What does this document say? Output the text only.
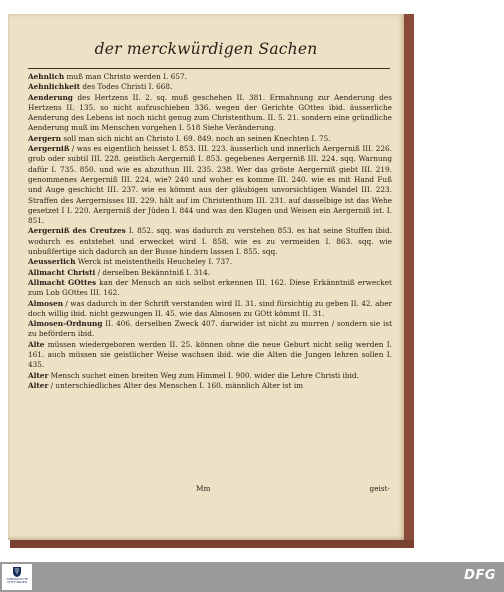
der merckwürdigen Sachen

Aehnlich muß man Christo werden I. 657.

Aehnlichkeit des Todes Christi I. 668.

Aenderung des Hertzens II. 2. sq. muß geschehen II. 381. Ermahnung zur Aenderung des Hertzens II. 135. so nicht aufzuschieben 336. wegen der Gerichte GOttes ibid. äusserliche Aenderung des Lebens ist noch nicht genug zum Christenthum. II. 5. 21. sondern eine gründliche Aenderung muß im Menschen vorgehen I. 518 Siehe Veränderung.

Aergern soll man sich nicht an Christo I. 69. 849. noch an seinen Knechten I. 75.

Aergerniß / was es eigentlich heisset I. 853. III. 223. äusserlich und innerlich Aergerniß III. 226. grob oder subtil III. 228. geistlich Aergerniß I. 853. gegebenes Aergerniß III. 224. sqq. Warnung dafür I. 735. 850. und wie es abzuthun III. 235. 238. Wer das gröste Aergerniß giebt III. 219. genommenes Aergerniß III. 224. wie? 240 und woher es komme III. 240. wie es mit Hand Fuß und Auge geschicht III. 237. wie es kömmt aus der gläubigen unvorsichtigen Wandel III. 223. Straffen des Aergernisses III. 229. hält auf im Christenthum III. 231. auf dasselbige ist das Wehe gesetzet I I. 220. Aergerniß der Jüden I. 844 und was den Klugen und Weisen ein Aergerniß ist. I. 851.

Aergerniß des Creutzes I. 852. sqq. was dadurch zu verstehen 853. es hat seine Stuffen ibid. wodurch es entstehet und erwecket wird I. 858. wie es zu vermeiden I. 863. sqq. wie unbußfertige sich dadurch an der Busse hindern lassen I. 855. sqq.

Aeusserlich Werck ist meistentheils Heucheley I. 737.

Allmacht Christi / derselben Bekänntniß I. 314.

Allmacht GOttes kan der Mensch an sich selbst erkennen III. 162. Diese Erkänntniß erwecket zum Lob GOttes III. 162.

Almosen / was dadurch in der Schrift verstanden wird II. 31. sind fürsichtig zu geben II. 42. aber doch willig ibid. nicht gezwungen II. 45. wie das Almosen zu GOtt kömmt II. 31.

Almosen-Ordnung II. 406. derselben Zweck 407. darwider ist nicht zu murren / sondern sie ist zu befördern ibid.

Alte müssen wiedergeboren werden II. 25. können ohne die neue Geburt nicht selig werden I. 161. auch müssen sie geistlicher Weise wachsen ibid. wie die Alten die Jungen lehren sollen I. 435.

Alter Mensch suchet einen breiten Weg zum Himmel I. 900. wider die Lehre Christi ibid.

Alter / unterschiedliches Alter des Menschen I. 160. männlich Alter ist im

Mm	geist-
TÜBINGISCHE
STIFTUNGEN	DFG
